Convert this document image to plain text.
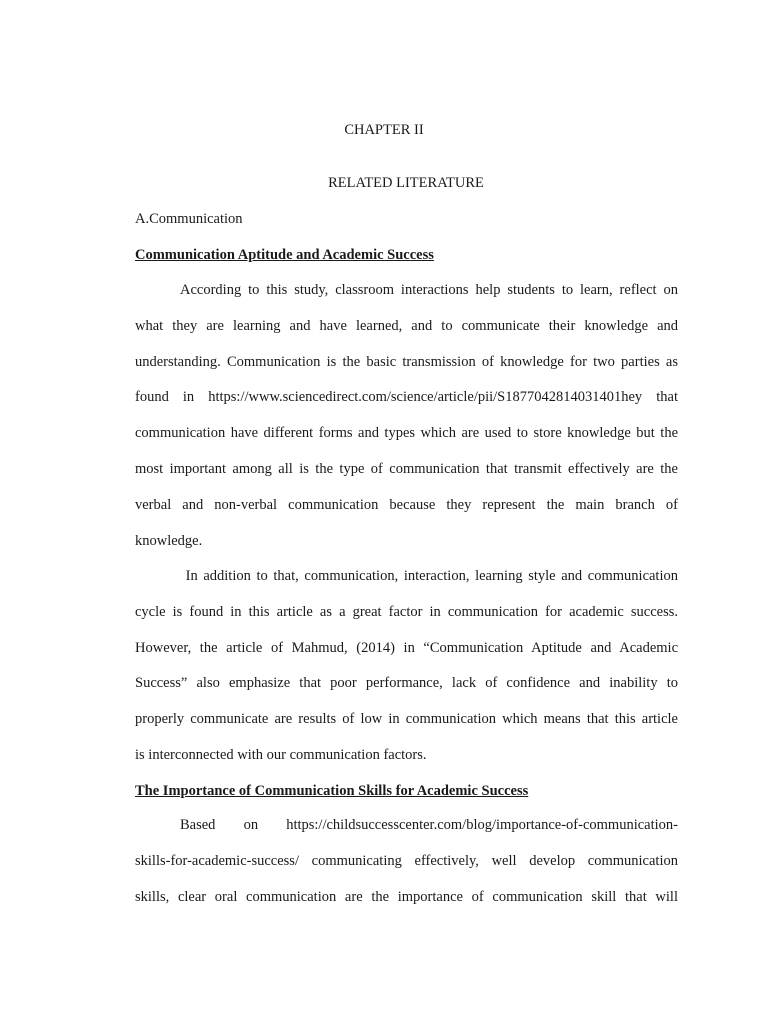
CHAPTER II
RELATED LITERATURE

A.Communication

Communication Aptitude and Academic Success
According to this study, classroom interactions help students to learn, reflect on
what they are learning and have learned, and to communicate their knowledge and
understanding. Communication is the basic transmission of knowledge for two parties as
found in https://www.sciencedirect.com/science/article/pii/S1877042814031401hey that
communication have different forms and types which are used to store knowledge but the
most important among all is the type of communication that transmit effectively are the
verbal and non-verbal communication because they represent the main branch of
knowledge.
In addition to that, communication, interaction, learning style and communication
cycle is found in this article as a great factor in communication for academic success.
However, the article of Mahmud, (2014) in “Communication Aptitude and Academic
Success” also emphasize that poor performance, lack of confidence and inability to
properly communicate are results of low in communication which means that this article
is interconnected with our communication factors.
The Importance of Communication Skills for Academic Success
Based on https://childsuccesscenter.com/blog/importance-of-communication-
skills-for-academic-success/ communicating effectively, well develop communication
skills, clear oral communication are the importance of communication skill that will
